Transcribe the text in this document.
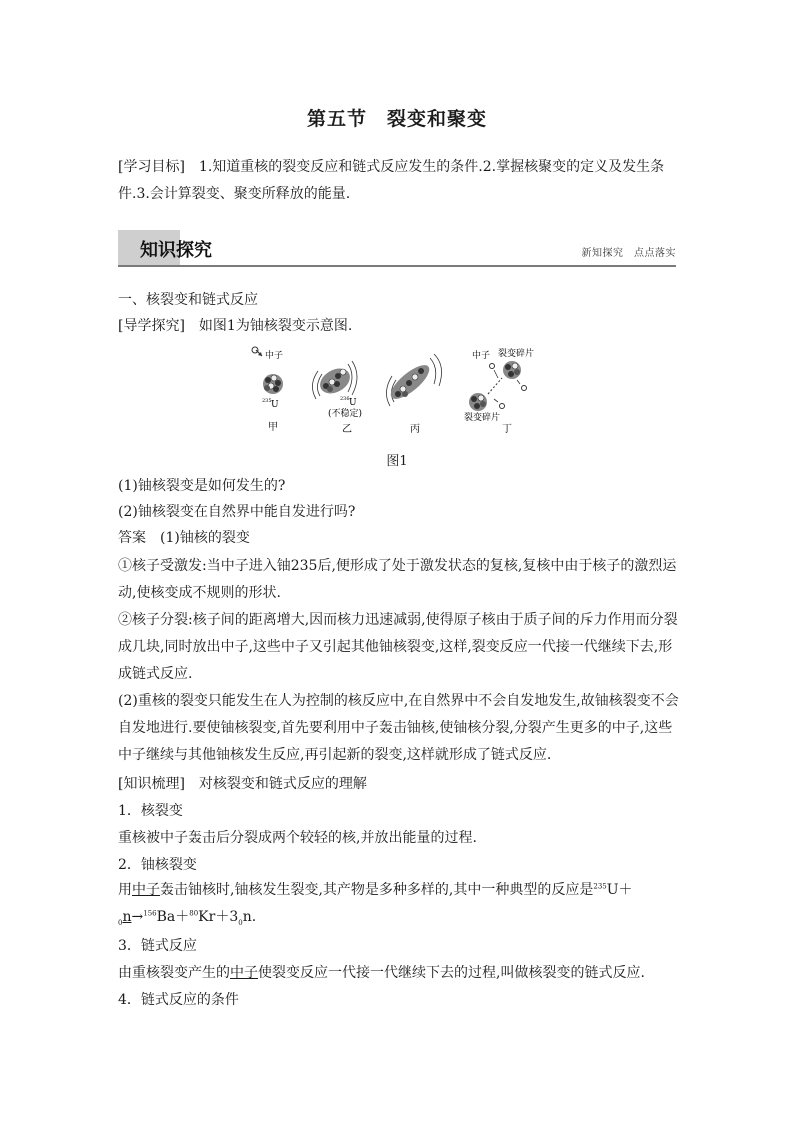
第五节　裂变和聚变
[学习目标]　1.知道重核的裂变反应和链式反应发生的条件.2.掌握核聚变的定义及发生条件.3.会计算裂变、聚变所释放的能量.
知识探究	新知探究　点点落实
一、核裂变和链式反应
[导学探究]　如图1为铀核裂变示意图.
中子
235 U
甲
236 U
(不稳定)
乙	丙
中子 裂变碎片
裂变碎片
丁
图1
(1)铀核裂变是如何发生的?
(2)铀核裂变在自然界中能自发进行吗?
答案　(1)铀核的裂变
①核子受激发:当中子进入铀235后,便形成了处于激发状态的复核,复核中由于核子的激烈运动,使核变成不规则的形状.
②核子分裂:核子间的距离增大,因而核力迅速减弱,使得原子核由于质子间的斥力作用而分裂成几块,同时放出中子,这些中子又引起其他铀核裂变,这样,裂变反应一代接一代继续下去,形成链式反应.
(2)重核的裂变只能发生在人为控制的核反应中,在自然界中不会自发地发生,故铀核裂变不会自发地进行.要使铀核裂变,首先要利用中子轰击铀核,使铀核分裂,分裂产生更多的中子,这些中子继续与其他铀核发生反应,再引起新的裂变,这样就形成了链式反应.
[知识梳理]　对核裂变和链式反应的理解
1．核裂变
重核被中子轰击后分裂成两个较轻的核,并放出能量的过程.
2．铀核裂变
用中子轰击铀核时,铀核发生裂变,其产物是多种多样的,其中一种典型的反应是$^{235}U+_0n\to^{156}Ba+^{80}Kr+3_0n$.
3．链式反应
由重核裂变产生的中子使裂变反应一代接一代继续下去的过程,叫做核裂变的链式反应.
4．链式反应的条件
